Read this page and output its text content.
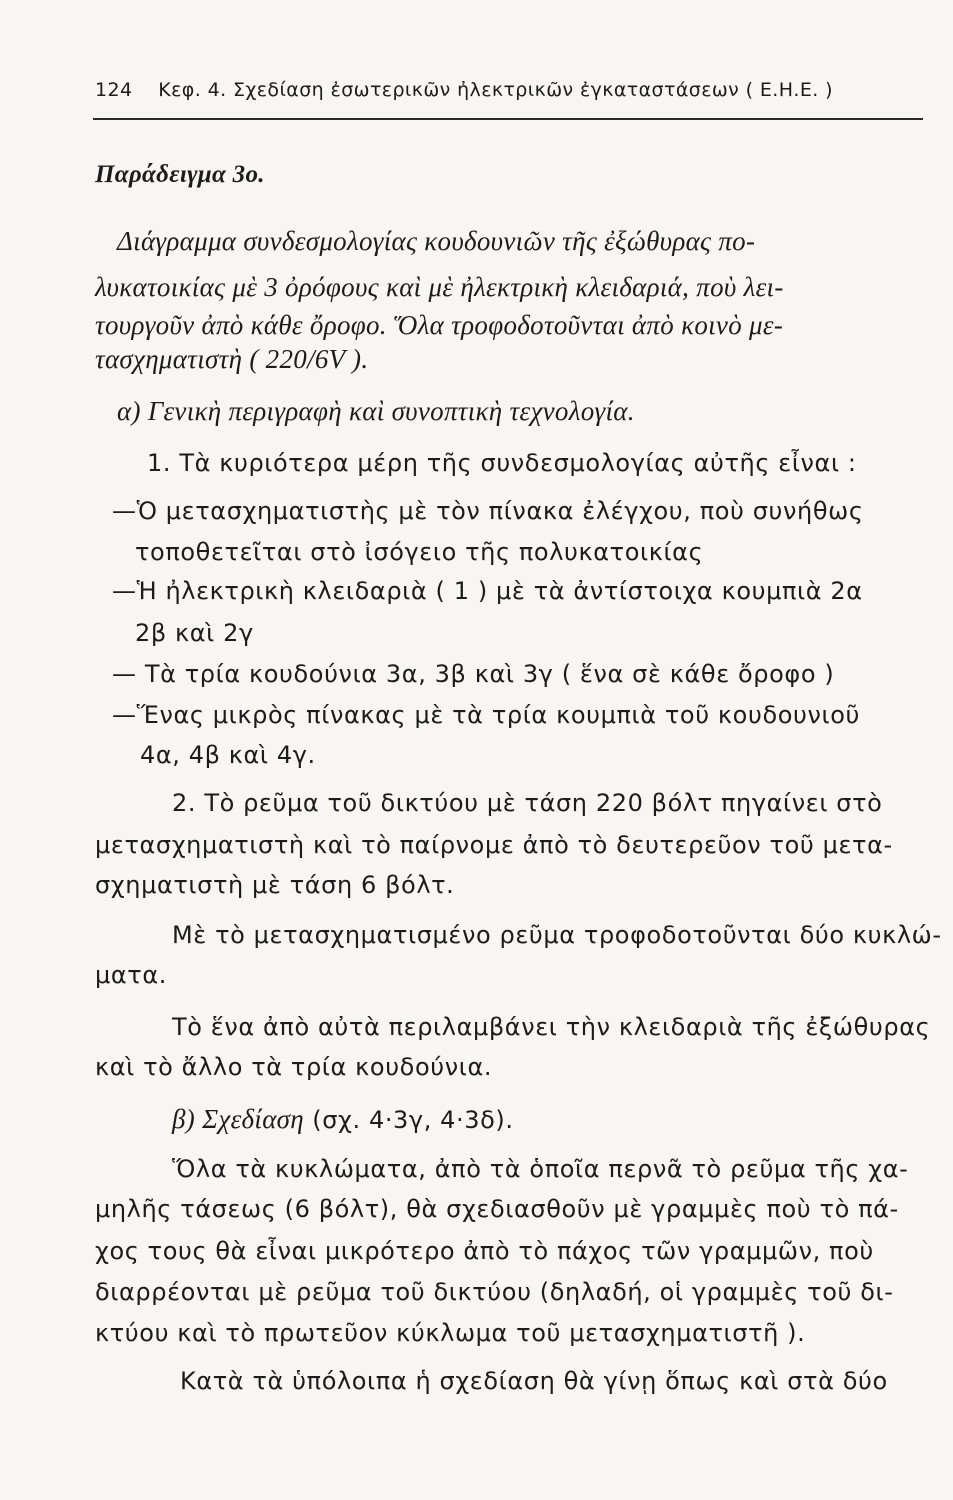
124 Κεφ. 4. Σχεδίαση ἐσωτερικῶν ἠλεκτρικῶν ἐγκαταστάσεων ( Ε.Η.Ε. )
Παράδειγμα 3ο.
Διάγραμμα συνδεσμολογίας κουδουνιῶν τῆς ἐξώθυρας πο-
λυκατοικίας μὲ 3 ὀρόφους καὶ μὲ ἠλεκτρικὴ κλειδαριά, ποὺ λει-
τουργοῦν ἀπὸ κάθε ὄροφο. Ὅλα τροφοδοτοῦνται ἀπὸ κοινὸ με-
τασχηματιστὴ ( 220/6V ).
α) Γενικὴ περιγραφὴ καὶ συνοπτικὴ τεχνολογία.
1. Τὰ κυριότερα μέρη τῆς συνδεσμολογίας αὐτῆς εἶναι :
—Ὁ μετασχηματιστὴς μὲ τὸν πίνακα ἐλέγχου, ποὺ συνήθως
τοποθετεῖται στὸ ἰσόγειο τῆς πολυκατοικίας
—Ἡ ἠλεκτρικὴ κλειδαριὰ ( 1 ) μὲ τὰ ἀντίστοιχα κουμπιὰ 2α
2β καὶ 2γ
— Τὰ τρία κουδούνια 3α, 3β καὶ 3γ ( ἕνα σὲ κάθε ὄροφο )
—Ἕνας μικρὸς πίνακας μὲ τὰ τρία κουμπιὰ τοῦ κουδουνιοῦ
4α, 4β καὶ 4γ.
2. Τὸ ρεῦμα τοῦ δικτύου μὲ τάση 220 βόλτ πηγαίνει στὸ
μετασχηματιστὴ καὶ τὸ παίρνομε ἀπὸ τὸ δευτερεῦον τοῦ μετα-
σχηματιστὴ μὲ τάση 6 βόλτ.
Μὲ τὸ μετασχηματισμένο ρεῦμα τροφοδοτοῦνται δύο κυκλώ-
ματα.
Τὸ ἕνα ἀπὸ αὐτὰ περιλαμβάνει τὴν κλειδαριὰ τῆς ἐξώθυρας
καὶ τὸ ἄλλο τὰ τρία κουδούνια.
β) Σχεδίαση (σχ. 4·3γ, 4·3δ).
Ὅλα τὰ κυκλώματα, ἀπὸ τὰ ὁποῖα περνᾶ τὸ ρεῦμα τῆς χα-
μηλῆς τάσεως (6 βόλτ), θὰ σχεδιασθοῦν μὲ γραμμὲς ποὺ τὸ πά-
χος τους θὰ εἶναι μικρότερο ἀπὸ τὸ πάχος τῶν γραμμῶν, ποὺ
διαρρέονται μὲ ρεῦμα τοῦ δικτύου (δηλαδή, οἱ γραμμὲς τοῦ δι-
κτύου καὶ τὸ πρωτεῦον κύκλωμα τοῦ μετασχηματιστῆ ).
Κατὰ τὰ ὑπόλοιπα ἡ σχεδίαση θὰ γίνῃ ὅπως καὶ στὰ δύο
